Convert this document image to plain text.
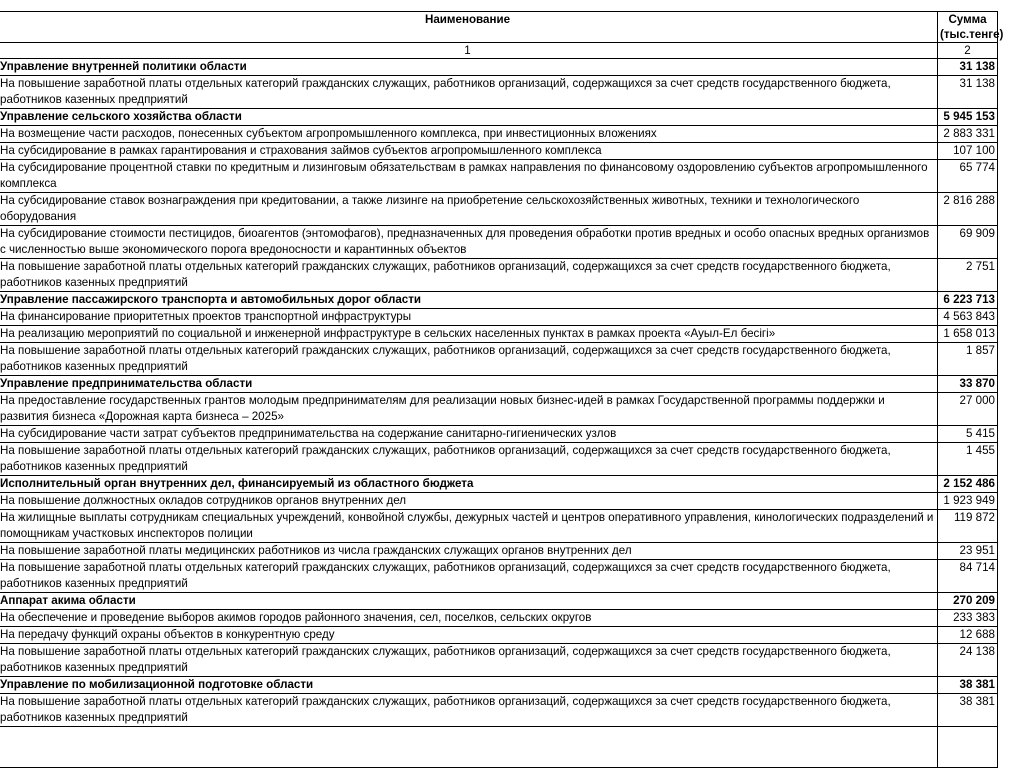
Наименование	Сумма
(тыс.тенге)
1	2
Управление внутренней политики области	31 138
На повышение заработной платы отдельных категорий гражданских служащих, работников организаций, содержащихся за счет средств государственного бюджета, работников казенных предприятий	31 138
Управление сельского хозяйства области	5 945 153
На возмещение части расходов, понесенных субъектом агропромышленного комплекса, при инвестиционных вложениях	2 883 331
На субсидирование в рамках гарантирования и страхования займов субъектов агропромышленного комплекса	107 100
На субсидирование процентной ставки по кредитным и лизинговым обязательствам в рамках направления по финансовому оздоровлению субъектов агропромышленного комплекса	65 774
На субсидирование ставок вознаграждения при кредитовании, а также лизинге на приобретение сельскохозяйственных животных, техники и технологического оборудования	2 816 288
На субсидирование стоимости пестицидов, биоагентов (энтомофагов), предназначенных для проведения обработки против вредных и особо опасных вредных организмов с численностью выше экономического порога вредоносности и карантинных объектов	69 909
На повышение заработной платы отдельных категорий гражданских служащих, работников организаций, содержащихся за счет средств государственного бюджета, работников казенных предприятий	2 751
Управление пассажирского транспорта и автомобильных дорог области	6 223 713
На финансирование приоритетных проектов транспортной инфраструктуры	4 563 843
На реализацию мероприятий по социальной и инженерной инфраструктуре в сельских населенных пунктах в рамках проекта «Ауыл-Ел бесігі»	1 658 013
На повышение заработной платы отдельных категорий гражданских служащих, работников организаций, содержащихся за счет средств государственного бюджета, работников казенных предприятий	1 857
Управление предпринимательства области	33 870
На предоставление государственных грантов молодым предпринимателям для реализации новых бизнес-идей в рамках Государственной программы поддержки и развития бизнеса «Дорожная карта бизнеса – 2025»	27 000
На субсидирование части затрат субъектов предпринимательства на содержание санитарно-гигиенических узлов	5 415
На повышение заработной платы отдельных категорий гражданских служащих, работников организаций, содержащихся за счет средств государственного бюджета, работников казенных предприятий	1 455
Исполнительный орган внутренних дел, финансируемый из областного бюджета	2 152 486
На повышение должностных окладов сотрудников органов внутренних дел	1 923 949
На жилищные выплаты сотрудникам специальных учреждений, конвойной службы, дежурных частей и центров оперативного управления, кинологических подразделений и помощникам участковых инспекторов полиции	119 872
На повышение заработной платы медицинских работников из числа гражданских служащих органов внутренних дел	23 951
На повышение заработной платы отдельных категорий гражданских служащих, работников организаций, содержащихся за счет средств государственного бюджета, работников казенных предприятий	84 714
Аппарат акима области	270 209
На обеспечение и проведение выборов акимов городов районного значения, сел, поселков, сельских округов	233 383
На передачу функций охраны объектов в конкурентную среду	12 688
На повышение заработной платы отдельных категорий гражданских служащих, работников организаций, содержащихся за счет средств государственного бюджета, работников казенных предприятий	24 138
Управление по мобилизационной подготовке области	38 381
На повышение заработной платы отдельных категорий гражданских служащих, работников организаций, содержащихся за счет средств государственного бюджета, работников казенных предприятий	38 381
